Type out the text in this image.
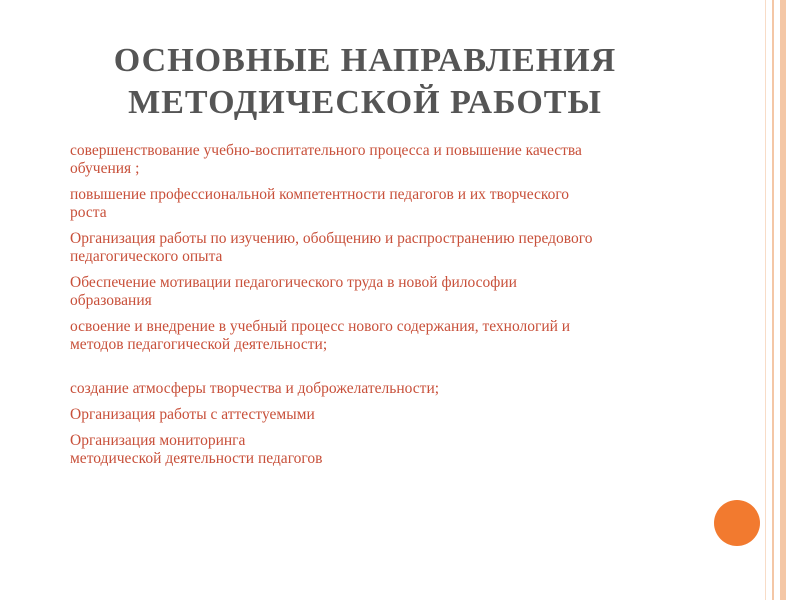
ОСНОВНЫЕ НАПРАВЛЕНИЯ
МЕТОДИЧЕСКОЙ РАБОТЫ
совершенствование учебно-воспитательного процесса и повышение качества
обучения ;
повышение профессиональной компетентности педагогов и их творческого
роста
Организация работы по изучению, обобщению и распространению передового
педагогического опыта
Обеспечение мотивации педагогического труда в новой философии
образования
освоение и внедрение в учебный процесс нового содержания, технологий и
методов педагогической деятельности;
создание атмосферы творчества и доброжелательности;
Организация работы с аттестуемыми
Организация мониторинга
методической деятельности педагогов
